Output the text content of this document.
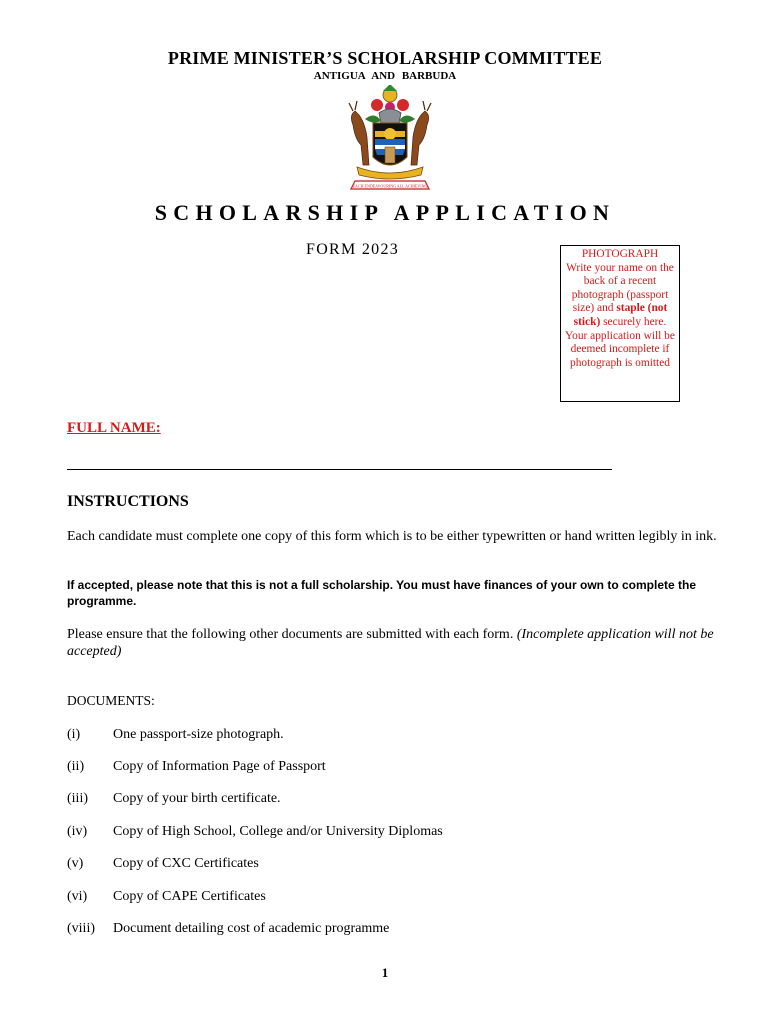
PRIME MINISTER’S SCHOLARSHIP COMMITTEE
ANTIGUA AND BARBUDA
EACH ENDEAVOURING ALL ACHIEVING
SCHOLARSHIP APPLICATION
FORM 2023	PHOTOGRAPH
Write your name on the back of a recent photograph (passport size) and staple (not stick) securely here. Your application will be deemed incomplete if photograph is omitted
FULL NAME:
INSTRUCTIONS
Each candidate must complete one copy of this form which is to be either typewritten or hand written legibly in ink.
If accepted, please note that this is not a full scholarship. You must have finances of your own to complete the programme.
Please ensure that the following other documents are submitted with each form. (Incomplete application will not be accepted)
DOCUMENTS:
(i) One passport-size photograph.
(ii) Copy of Information Page of Passport
(iii) Copy of your birth certificate.
(iv) Copy of High School, College and/or University Diplomas
(v) Copy of CXC Certificates
(vi) Copy of CAPE Certificates
(viii) Document detailing cost of academic programme
1
